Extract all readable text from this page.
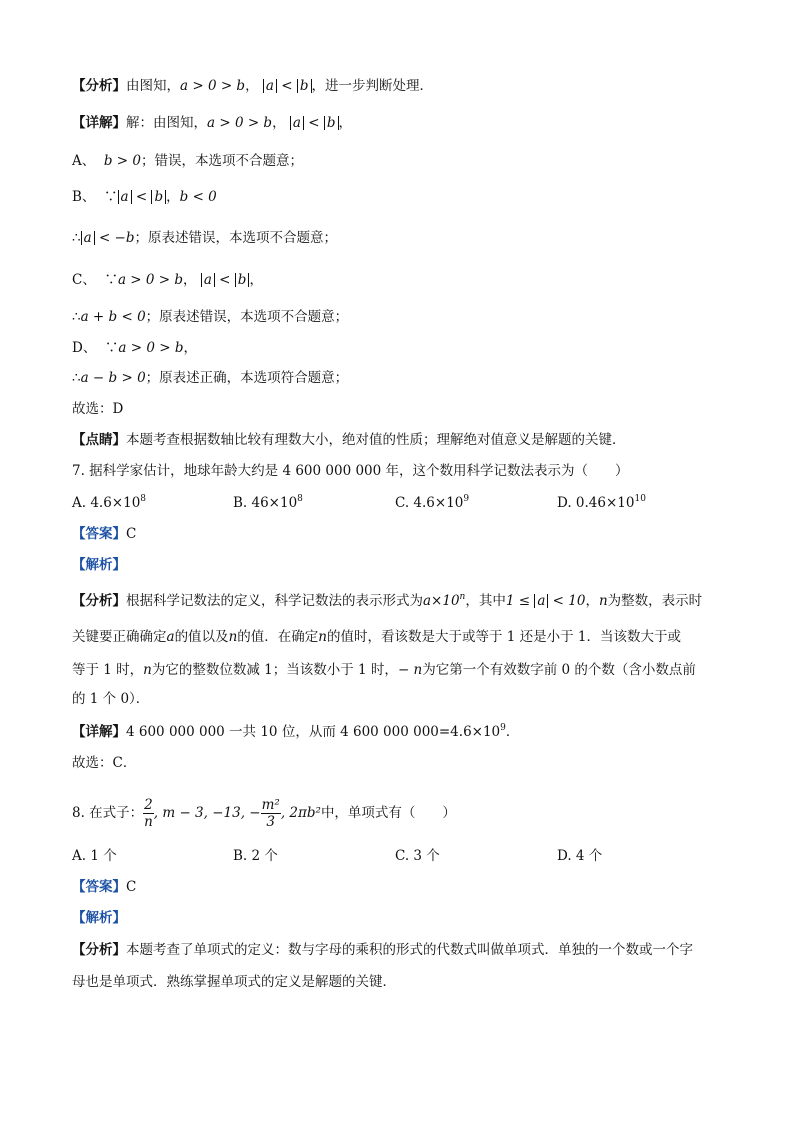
【分析】由图知，a > 0 > b， a < b ，进一步判断处理．
【详解】解：由图知，a > 0 > b， a < b ，
A、 b > 0；错误，本选项不合题意；
B、 ∵ a < b ，b < 0
∴ a < −b；原表述错误，本选项不合题意；
C、 ∵a > 0 > b， a < b ，
∴a + b < 0；原表述错误，本选项不合题意；
D、 ∵a > 0 > b，
∴a − b > 0；原表述正确，本选项符合题意；
故选：D
【点睛】本题考查根据数轴比较有理数大小，绝对值的性质；理解绝对值意义是解题的关键．
7. 据科学家估计，地球年龄大约是 4 600 000 000 年，这个数用科学记数法表示为（　　）
A. $4.6\times 10^8$	B. $46\times 10^8$	C. $4.6\times 10^9$	D. $0.46\times 10^{10}$
【答案】C
【解析】
【分析】根据科学记数法的定义，科学记数法的表示形式为$a\times 10^n$，其中1 ≤ a < 10，n为整数，表示时
关键要正确确定a的值以及n的值．在确定n的值时，看该数是大于或等于 1 还是小于 1．当该数大于或
等于 1 时，n为它的整数位数减 1；当该数小于 1 时，− n为它第一个有效数字前 0 的个数（含小数点前
的 1 个 0）．
【详解】4 600 000 000 一共 10 位，从而 4 600 000 $000=4.6\times 10^9$．
故选：C．
8. 在式子： $\frac{2}{n}$ , m − 3, −13, − $\frac{\text{m²}}{3}$ , 2πb²中，单项式有（　　）
A. 1 个	B. 2 个	C. 3 个	D. 4 个
【答案】C
【解析】
【分析】本题考查了单项式的定义：数与字母的乘积的形式的代数式叫做单项式．单独的一个数或一个字
母也是单项式．熟练掌握单项式的定义是解题的关键．
